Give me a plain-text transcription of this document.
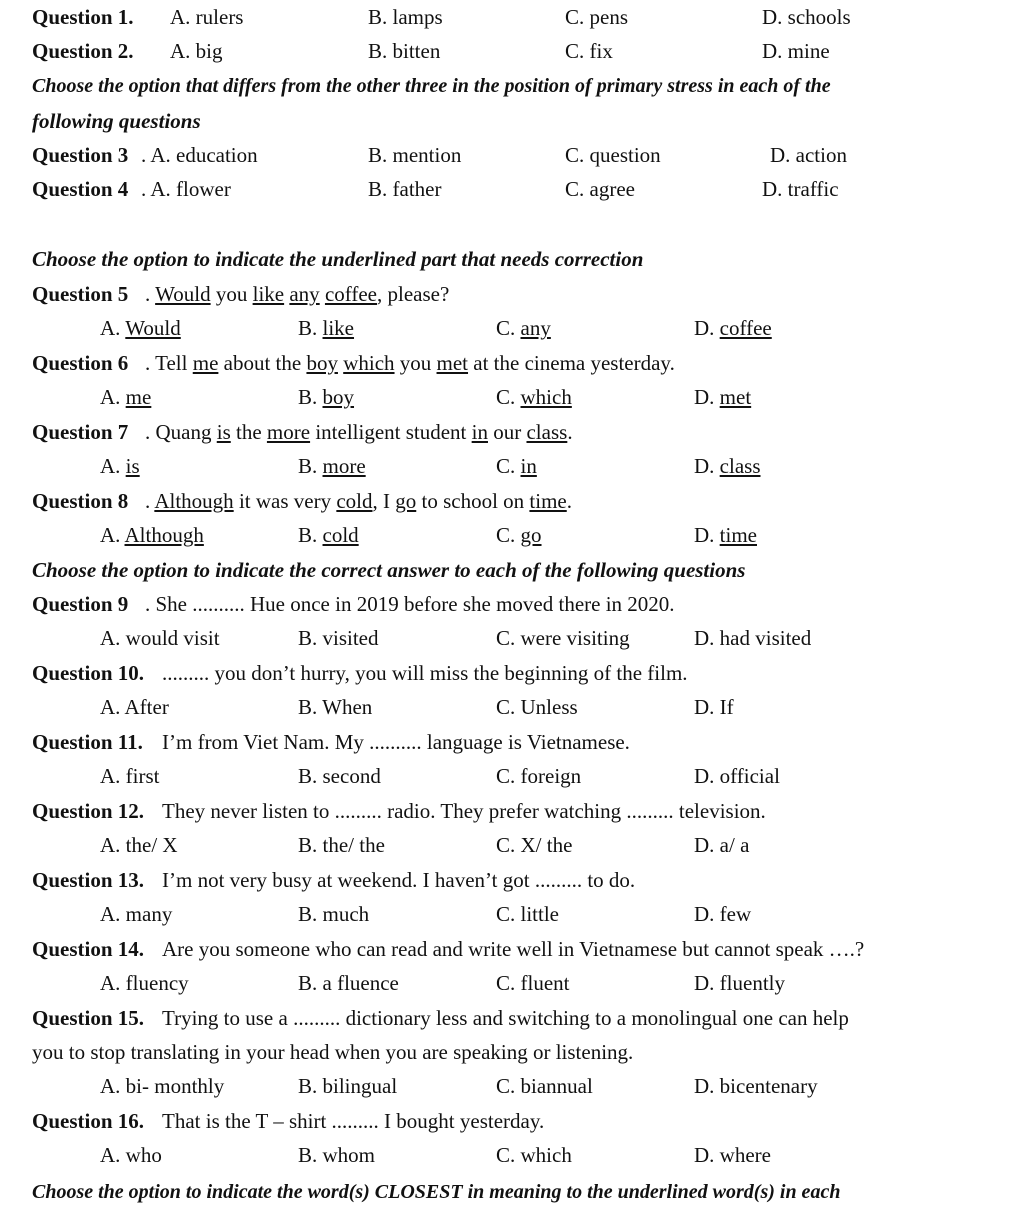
Question 1. A. rulers	B. lamps	C. pens	D. schools
Question 2. A. big	B. bitten	C. fix	D. mine
Choose the option that differs from the other three in the position of primary stress in each of the
following questions
Question 3 . A. education	B. mention	C. question	D. action
Question 4 . A. flower	B. father	C. agree	D. traffic
Choose the option to indicate the underlined part that needs correction
Question 5 . Would you like any coffee, please?
A. Would	B. like	C. any	D. coffee
Question 6 . Tell me about the boy which you met at the cinema yesterday.
A. me	B. boy	C. which	D. met
Question 7 . Quang is the more intelligent student in our class.
A. is	B. more	C. in	D. class
Question 8 . Although it was very cold, I go to school on time.
A. Although	B. cold	C. go	D. time
Choose the option to indicate the correct answer to each of the following questions
Question 9 . She .......... Hue once in 2019 before she moved there in 2020.
A. would visit	B. visited	C. were visiting	D. had visited
Question 10. ......... you don’t hurry, you will miss the beginning of the film.
A. After	B. When	C. Unless	D. If
Question 11. I’m from Viet Nam. My .......... language is Vietnamese.
A. first	B. second	C. foreign	D. official
Question 12. They never listen to ......... radio. They prefer watching ......... television.
A. the/ X	B. the/ the	C. X/ the	D. a/ a
Question 13. I’m not very busy at weekend. I haven’t got ......... to do.
A. many	B. much	C. little	D. few
Question 14. Are you someone who can read and write well in Vietnamese but cannot speak ….?
A. fluency	B. a fluence	C. fluent	D. fluently
Question 15. Trying to use a ......... dictionary less and switching to a monolingual one can help
you to stop translating in your head when you are speaking or listening.
A. bi- monthly	B. bilingual	C. biannual	D. bicentenary
Question 16. That is the T – shirt ......... I bought yesterday.
A. who	B. whom	C. which	D. where
Choose the option to indicate the word(s) CLOSEST in meaning to the underlined word(s) in each
